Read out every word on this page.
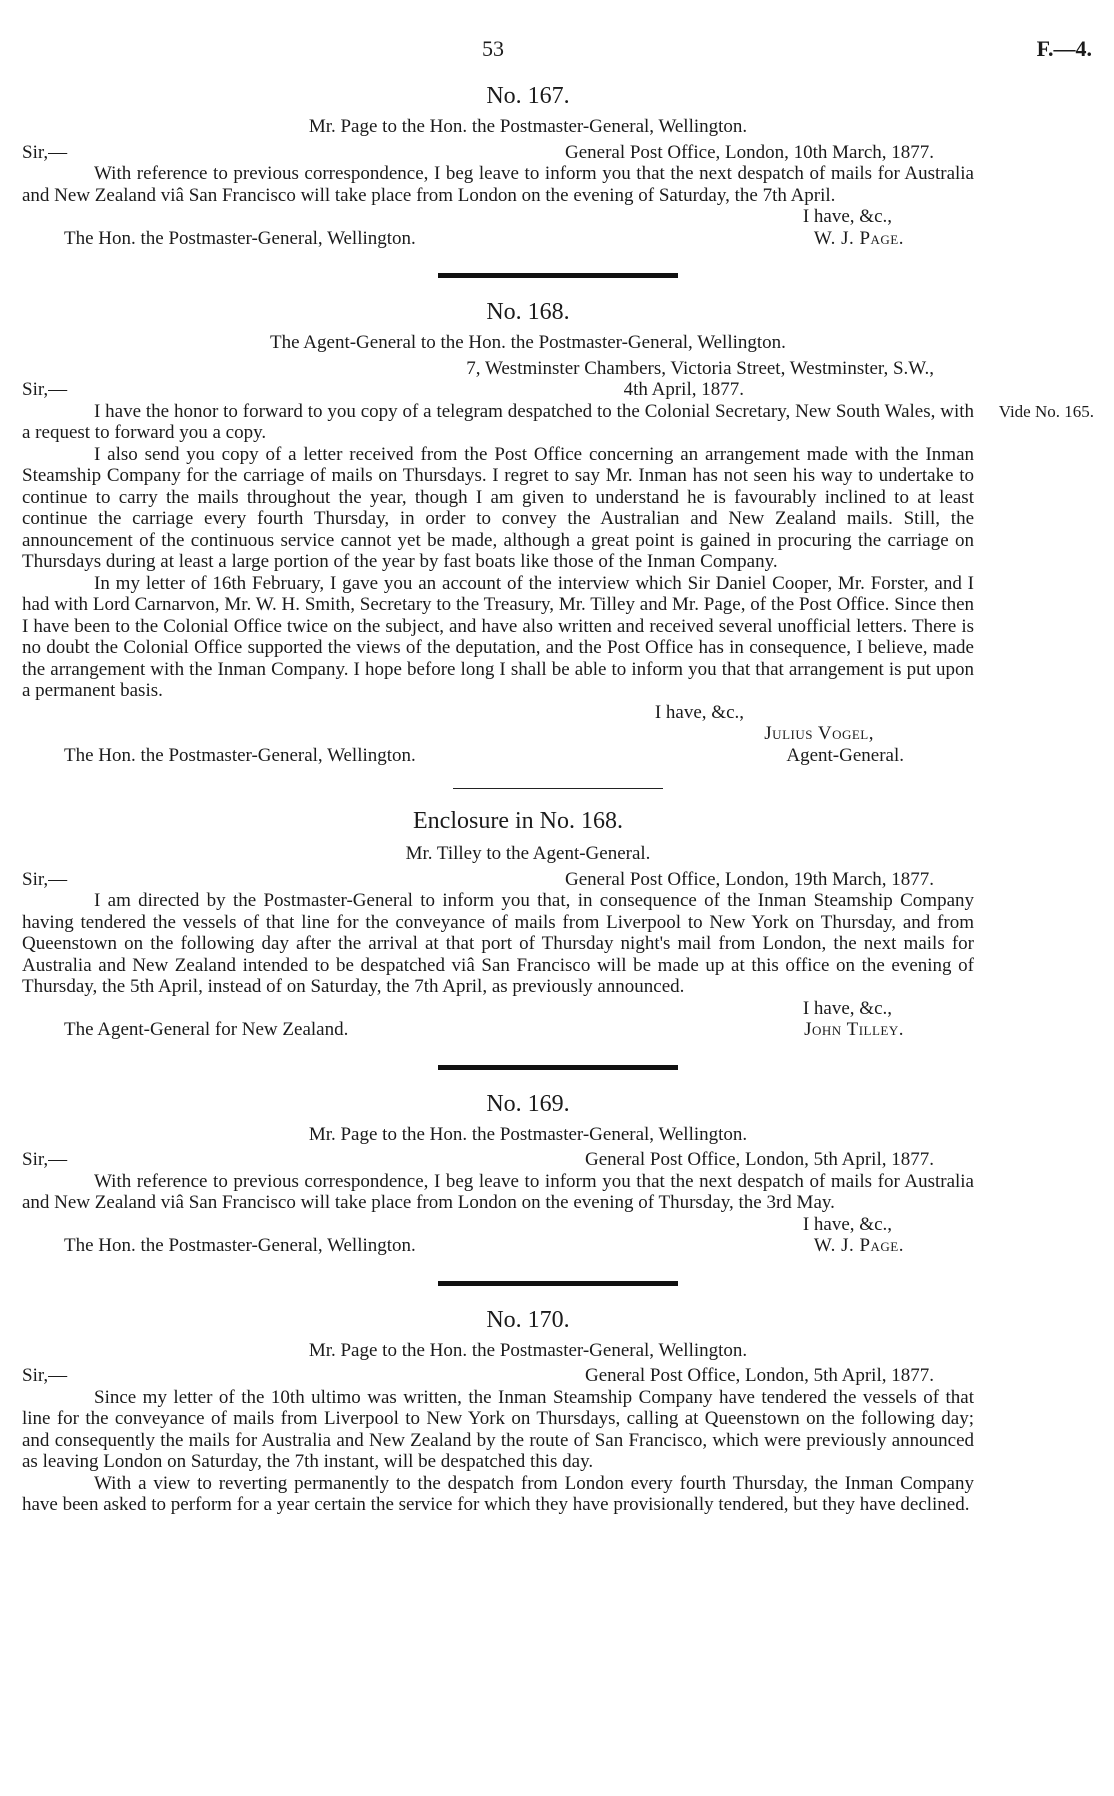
53	F.—4.
No. 167.
Mr. Page to the Hon. the Postmaster-General, Wellington.
Sir,—	General Post Office, London, 10th March, 1877.

With reference to previous correspondence, I beg leave to inform you that the next despatch of mails for Australia and New Zealand viâ San Francisco will take place from London on the evening of Saturday, the 7th April.

I have, &c.,
The Hon. the Postmaster-General, Wellington.	W. J. Page.
No. 168.
The Agent-General to the Hon. the Postmaster-General, Wellington.
7, Westminster Chambers, Victoria Street, Westminster, S.W.,
Sir,—	4th April, 1877.
Vide No. 165.

I have the honor to forward to you copy of a telegram despatched to the Colonial Secretary, New South Wales, with a request to forward you a copy.

I also send you copy of a letter received from the Post Office concerning an arrangement made with the Inman Steamship Company for the carriage of mails on Thursdays. I regret to say Mr. Inman has not seen his way to undertake to continue to carry the mails throughout the year, though I am given to understand he is favourably inclined to at least continue the carriage every fourth Thursday, in order to convey the Australian and New Zealand mails. Still, the announcement of the continuous service cannot yet be made, although a great point is gained in procuring the carriage on Thursdays during at least a large portion of the year by fast boats like those of the Inman Company.

In my letter of 16th February, I gave you an account of the interview which Sir Daniel Cooper, Mr. Forster, and I had with Lord Carnarvon, Mr. W. H. Smith, Secretary to the Treasury, Mr. Tilley and Mr. Page, of the Post Office. Since then I have been to the Colonial Office twice on the subject, and have also written and received several unofficial letters. There is no doubt the Colonial Office supported the views of the deputation, and the Post Office has in consequence, I believe, made the arrangement with the Inman Company. I hope before long I shall be able to inform you that that arrangement is put upon a permanent basis.

I have, &c.,
Julius Vogel,
The Hon. the Postmaster-General, Wellington.	Agent-General.
Enclosure in No. 168.
Mr. Tilley to the Agent-General.
Sir,—	General Post Office, London, 19th March, 1877.

I am directed by the Postmaster-General to inform you that, in consequence of the Inman Steamship Company having tendered the vessels of that line for the conveyance of mails from Liverpool to New York on Thursday, and from Queenstown on the following day after the arrival at that port of Thursday night's mail from London, the next mails for Australia and New Zealand intended to be despatched viâ San Francisco will be made up at this office on the evening of Thursday, the 5th April, instead of on Saturday, the 7th April, as previously announced.

I have, &c.,
The Agent-General for New Zealand.	John Tilley.
No. 169.
Mr. Page to the Hon. the Postmaster-General, Wellington.
Sir,—	General Post Office, London, 5th April, 1877.

With reference to previous correspondence, I beg leave to inform you that the next despatch of mails for Australia and New Zealand viâ San Francisco will take place from London on the evening of Thursday, the 3rd May.

I have, &c.,
The Hon. the Postmaster-General, Wellington.	W. J. Page.
No. 170.
Mr. Page to the Hon. the Postmaster-General, Wellington.
Sir,—	General Post Office, London, 5th April, 1877.

Since my letter of the 10th ultimo was written, the Inman Steamship Company have tendered the vessels of that line for the conveyance of mails from Liverpool to New York on Thursdays, calling at Queenstown on the following day; and consequently the mails for Australia and New Zealand by the route of San Francisco, which were previously announced as leaving London on Saturday, the 7th instant, will be despatched this day.

With a view to reverting permanently to the despatch from London every fourth Thursday, the Inman Company have been asked to perform for a year certain the service for which they have provisionally tendered, but they have declined.
